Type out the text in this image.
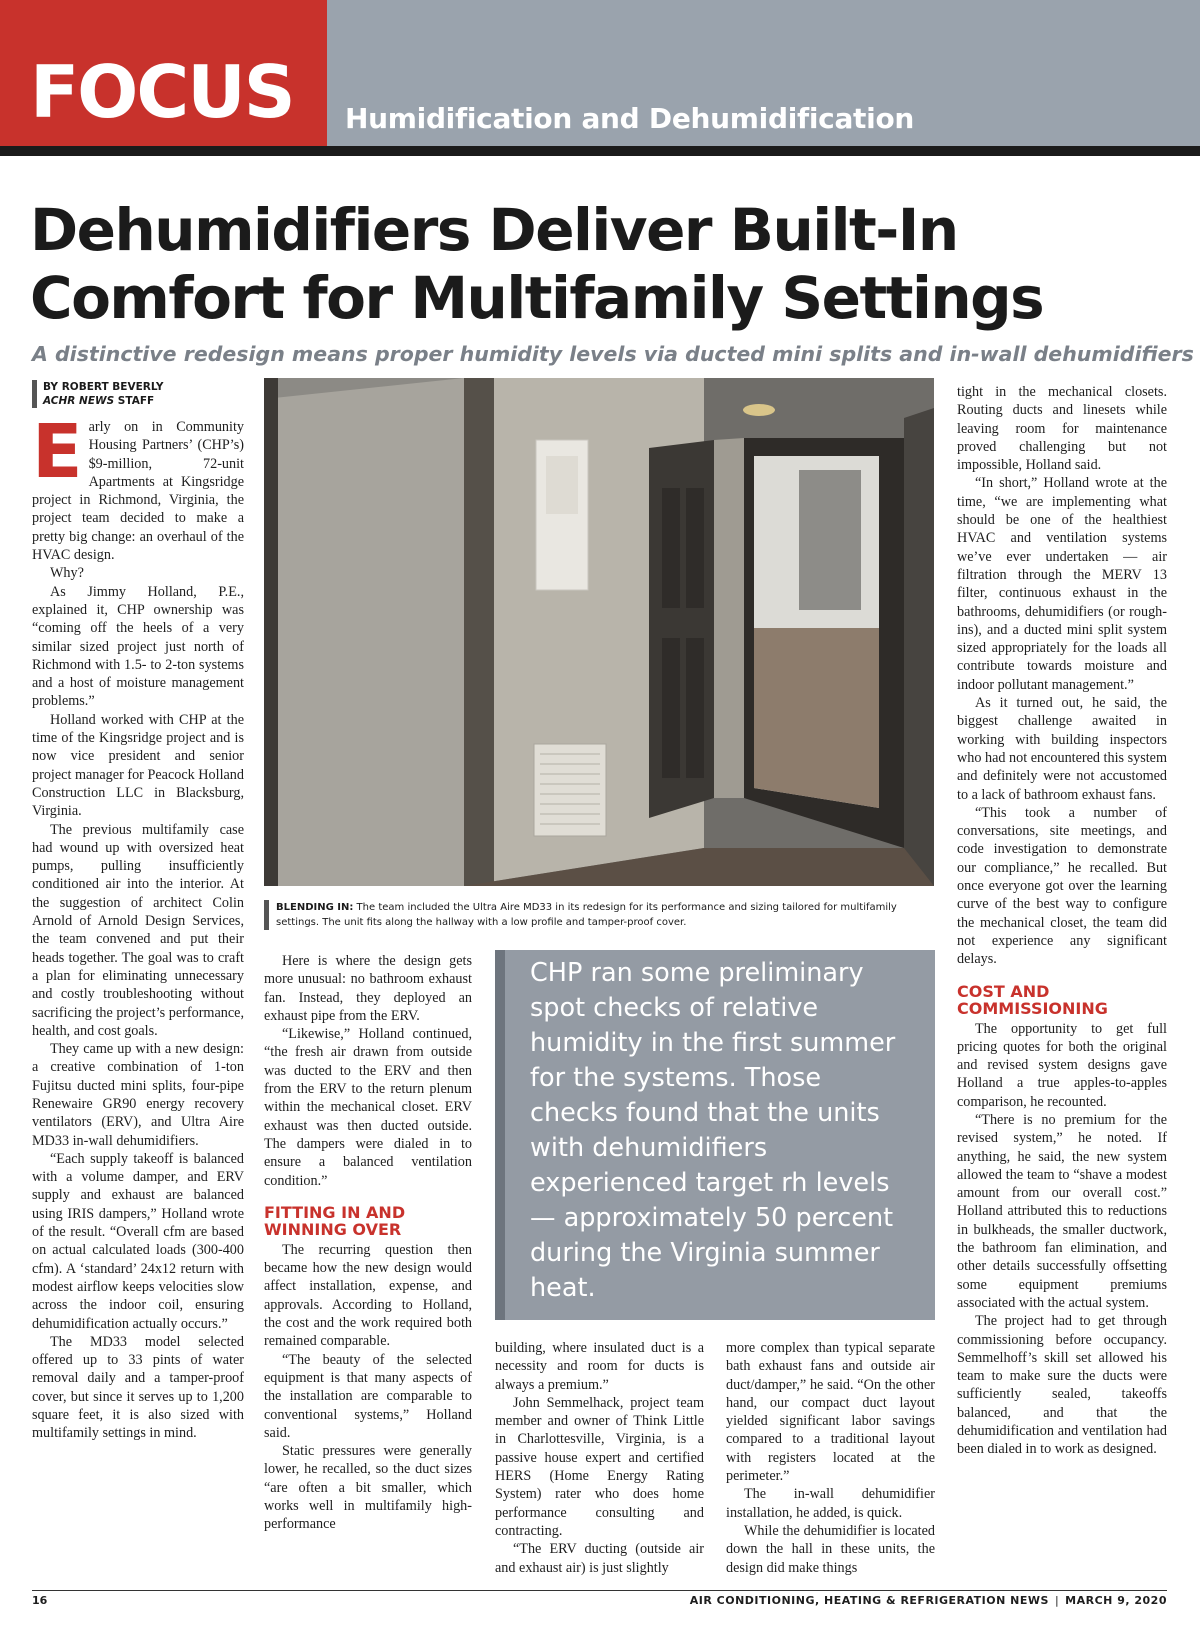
FOCUS Humidification and Dehumidification
Dehumidifiers Deliver Built-In Comfort for Multifamily Settings
A distinctive redesign means proper humidity levels via ducted mini splits and in-wall dehumidifiers
BY ROBERT BEVERLY
ACHR NEWS STAFF
E arly on in Community Housing Partners’ (CHP’s) $9-million, 72-unit Apartments at Kingsridge project in Richmond, Virginia, the project team decided to make a pretty big change: an overhaul of the HVAC design.

Why?

As Jimmy Holland, P.E., explained it, CHP ownership was “coming off the heels of a very similar sized project just north of Richmond with 1.5- to 2-ton systems and a host of moisture management problems.”

Holland worked with CHP at the time of the Kingsridge project and is now vice president and senior project manager for Peacock Holland Construction LLC in Blacksburg, Virginia.

The previous multifamily case had wound up with oversized heat pumps, pulling insufficiently conditioned air into the interior. At the suggestion of architect Colin Arnold of Arnold Design Services, the team convened and put their heads together. The goal was to craft a plan for eliminating unnecessary and costly troubleshooting without sacrificing the project’s performance, health, and cost goals.

They came up with a new design: a creative combination of 1-ton Fujitsu ducted mini splits, four-pipe Renewaire GR90 energy recovery ventilators (ERV), and Ultra Aire MD33 in-wall dehumidifiers.

“Each supply takeoff is balanced with a volume damper, and ERV supply and exhaust are balanced using IRIS dampers,” Holland wrote of the result. “Overall cfm are based on actual calculated loads (300-400 cfm). A ‘standard’ 24x12 return with modest airflow keeps velocities slow across the indoor coil, ensuring dehumidification actually occurs.”

The MD33 model selected offered up to 33 pints of water removal daily and a tamper-proof cover, but since it serves up to 1,200 square feet, it is also sized with multifamily settings in mind.

BLENDING IN: The team included the Ultra Aire MD33 in its redesign for its performance and sizing tailored for multifamily settings. The unit fits along the hallway with a low profile and tamper-proof cover.

Here is where the design gets more unusual: no bathroom exhaust fan. Instead, they deployed an exhaust pipe from the ERV.

“Likewise,” Holland continued, “the fresh air drawn from outside was ducted to the ERV and then from the ERV to the return plenum within the mechanical closet. ERV exhaust was then ducted outside. The dampers were dialed in to ensure a balanced ventilation condition.”

FITTING IN AND WINNING OVER

The recurring question then became how the new design would affect installation, expense, and approvals. According to Holland, the cost and the work required both remained comparable.

“The beauty of the selected equipment is that many aspects of the installation are comparable to conventional systems,” Holland said.

Static pressures were generally lower, he recalled, so the duct sizes “are often a bit smaller, which works well in multifamily high-performance

CHP ran some preliminary spot checks of relative humidity in the first summer for the systems. Those checks found that the units with dehumidifiers experienced target rh levels — approximately 50 percent during the Virginia summer heat.

building, where insulated duct is a necessity and room for ducts is always a premium.”

John Semmelhack, project team member and owner of Think Little in Charlottesville, Virginia, is a passive house expert and certified HERS (Home Energy Rating System) rater who does home performance consulting and contracting.

“The ERV ducting (outside air and exhaust air) is just slightly

more complex than typical separate bath exhaust fans and outside air duct/damper,” he said. “On the other hand, our compact duct layout yielded significant labor savings compared to a traditional layout with registers located at the perimeter.”

The in-wall dehumidifier installation, he added, is quick.

While the dehumidifier is located down the hall in these units, the design did make things

tight in the mechanical closets. Routing ducts and linesets while leaving room for maintenance proved challenging but not impossible, Holland said.

“In short,” Holland wrote at the time, “we are implementing what should be one of the healthiest HVAC and ventilation systems we’ve ever undertaken — air filtration through the MERV 13 filter, continuous exhaust in the bathrooms, dehumidifiers (or rough-ins), and a ducted mini split system sized appropriately for the loads all contribute towards moisture and indoor pollutant management.”

As it turned out, he said, the biggest challenge awaited in working with building inspectors who had not encountered this system and definitely were not accustomed to a lack of bathroom exhaust fans.

“This took a number of conversations, site meetings, and code investigation to demonstrate our compliance,” he recalled. But once everyone got over the learning curve of the best way to configure the mechanical closet, the team did not experience any significant delays.

COST AND COMMISSIONING

The opportunity to get full pricing quotes for both the original and revised system designs gave Holland a true apples-to-apples comparison, he recounted.

“There is no premium for the revised system,” he noted. If anything, he said, the new system allowed the team to “shave a modest amount from our overall cost.” Holland attributed this to reductions in bulkheads, the smaller ductwork, the bathroom fan elimination, and other details successfully offsetting some equipment premiums associated with the actual system.

The project had to get through commissioning before occupancy. Semmelhoff’s skill set allowed his team to make sure the ducts were sufficiently sealed, takeoffs balanced, and that the dehumidification and ventilation had been dialed in to work as designed.

16	AIR CONDITIONING, HEATING & REFRIGERATION NEWS | MARCH 9, 2020
